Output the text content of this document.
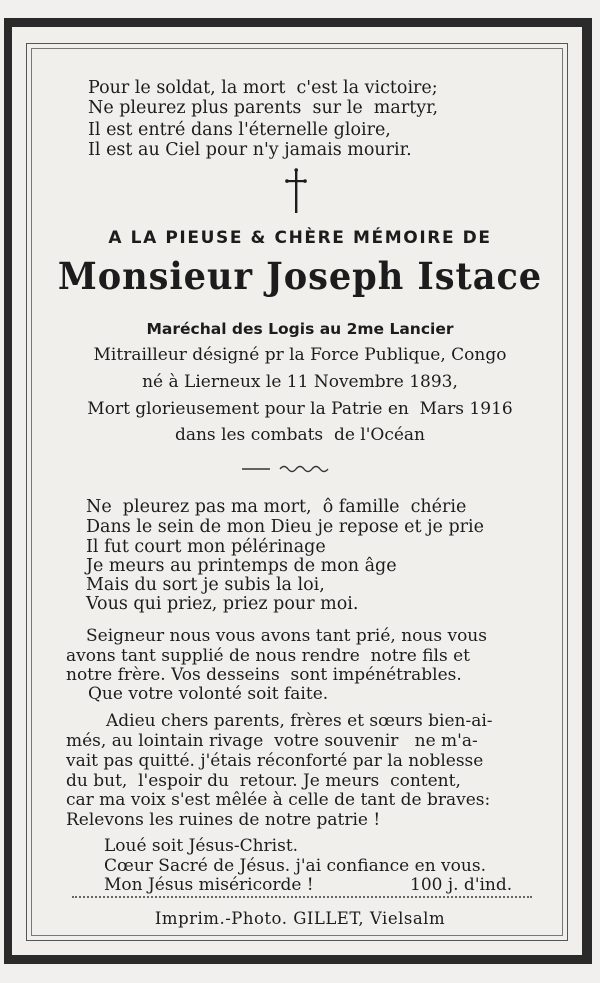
Pour le soldat, la mort  c'est la victoire;
Ne pleurez plus parents  sur le  martyr,
Il est entré dans l'éternelle gloire,
Il est au Ciel pour n'y jamais mourir.
A LA PIEUSE & CHÈRE MÉMOIRE DE
Monsieur Joseph Istace
Maréchal des Logis au 2me Lancier
Mitrailleur désigné pr la Force Publique, Congo
né à Lierneux le 11 Novembre 1893,
Mort glorieusement pour la Patrie en  Mars 1916
dans les combats  de l'Océan
Ne  pleurez pas ma mort,  ô famille  chérie
Dans le sein de mon Dieu je repose et je prie
Il fut court mon pélérinage
Je meurs au printemps de mon âge
Mais du sort je subis la loi,
Vous qui priez, priez pour moi.
Seigneur nous vous avons tant prié, nous vous
avons tant supplié de nous rendre  notre fils et
notre frère. Vos desseins  sont impénétrables.
Que votre volonté soit faite.
Adieu chers parents, frères et sœurs bien-ai-
més, au lointain rivage  votre souvenir   ne m'a-
vait pas quitté. j'étais réconforté par la noblesse
du but,  l'espoir du  retour. Je meurs  content,
car ma voix s'est mêlée à celle de tant de braves:
Relevons les ruines de notre patrie !
Loué soit Jésus-Christ.
Cœur Sacré de Jésus. j'ai confiance en vous.
Mon Jésus miséricorde !	100 j. d'ind.
Imprim.-Photo. GILLET, Vielsalm
